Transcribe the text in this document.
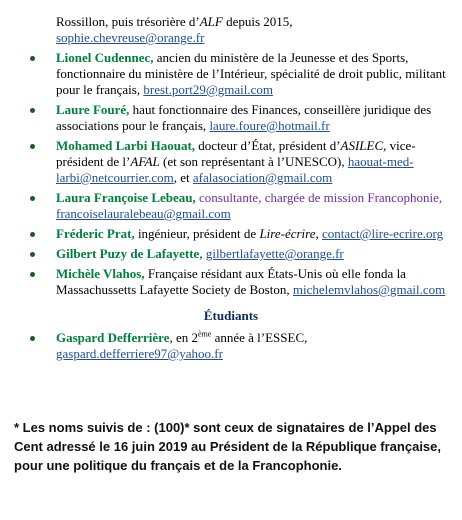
Rossillon, puis trésorière d’ALF depuis 2015,
sophie.chevreuse@orange.fr
Lionel Cudennec, ancien du ministère de la Jeunesse et des Sports, fonctionnaire du ministère de l’Intérieur, spécialité de droit public, militant pour le français, brest.port29@gmail.com
Laure Fouré, haut fonctionnaire des Finances, conseillère juridique des associations pour le français, laure.foure@hotmail.fr
Mohamed Larbi Haouat, docteur d’État, président d’ASILEC, vice-président de l’AFAL (et son représentant à l’UNESCO), haouat-med-larbi@netcourrier.com, et afalasociation@gmail.com
Laura Françoise Lebeau, consultante, chargée de mission Francophonie, francoiselauralebeau@gmail.com
Fréderic Prat, ingénieur, président de Lire-écrire, contact@lire-ecrire.org
Gilbert Puzy de Lafayette, gilbertlafayette@orange.fr
Michèle Vlahos, Française résidant aux États-Unis où elle fonda la Massachussetts Lafayette Society de Boston, michelemvlahos@gmail.com
Étudiants
Gaspard Defferrière, en 2ème année à l’ESSEC, gaspard.defferriere97@yahoo.fr
* Les noms suivis de : (100)* sont ceux de signataires de l’Appel des Cent adressé le 16 juin 2019 au Président de la République française, pour une politique du français et de la Francophonie.
